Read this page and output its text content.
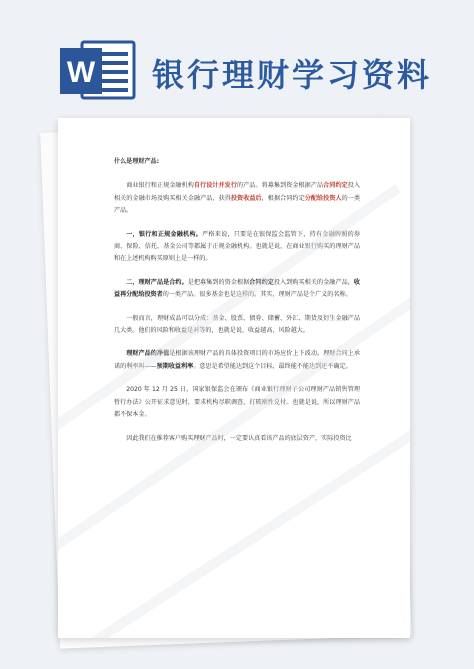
W 银行理财学习资料

什么是理财产品:

商业银行和正规金融机构自行设计并发行的产品。将募集到资金根据产品合同约定投入相关的金融市场及购买相关金融产品，获得投资收益后，根据合同约定分配给投资人的一类产品。

一，银行和正规金融机构。严格来说，只要是在银保监会监管下，持有金融牌照的券商、保险、信托、基金公司等都属于正规金融机构。也就是说，在商业银行购买的理财产品和在上述机构购买原则上是一样的。

二，理财产品是合约。是把募集到的资金根据合同约定投入到购买相关的金融产品，收益再分配给投资者的一类产品。很多基金也是这样的。其实，理财产品是个广义的名称。

一般而言，理财成品可以分成：基金、股票、债券、储蓄、外汇、期货及衍生金融产品几大类。他们的风险和收益是对等的，也就是说，收益越高，风险越大。

理财产品的净值是根据该理财产品的具体投资项目的市场应价上下波动。理财合同上承诺的利率叫——预期收益利率。意思是希望能达到这个目标，最终能不能达到还不确定。

2020 年 12 月 25 日，国家银保监会在颁布《商业银行理财子公司理财产品销售管理暂行办法》公开征求意见时，要求机构尽职调查，打破刚性兑付。也就是说，所以理财产品都不保本金。

因此我们在推荐客户购买理财产品时，一定要认真看该产品的底层资产，实际投资比
